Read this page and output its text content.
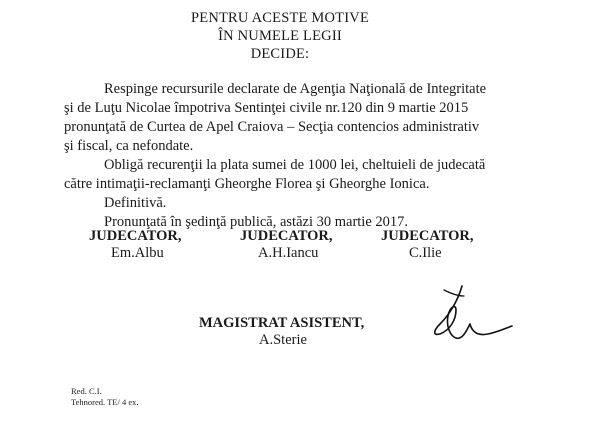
PENTRU ACESTE MOTIVE
ÎN NUMELE LEGII
DECIDE:
Respinge recursurile declarate de Agenţia Naţională de Integritate
şi de Luţu Nicolae împotriva Sentinţei civile nr.120 din 9 martie 2015
pronunţată de Curtea de Apel Craiova – Secţia contencios administrativ
şi fiscal, ca nefondate.
Obligă recurenţii la plata sumei de 1000 lei, cheltuieli de judecată
către intimaţii-reclamanţi Gheorghe Florea şi Gheorghe Ionica.
Definitivă.
Pronunţată în şedinţă publică, astăzi 30 martie 2017.
JUDECATOR,
Em.Albu
JUDECATOR,
A.H.Iancu
JUDECATOR,
C.Ilie
MAGISTRAT ASISTENT,
A.Sterie
Red. C.I.
Tehnored. TE/ 4 ex.
